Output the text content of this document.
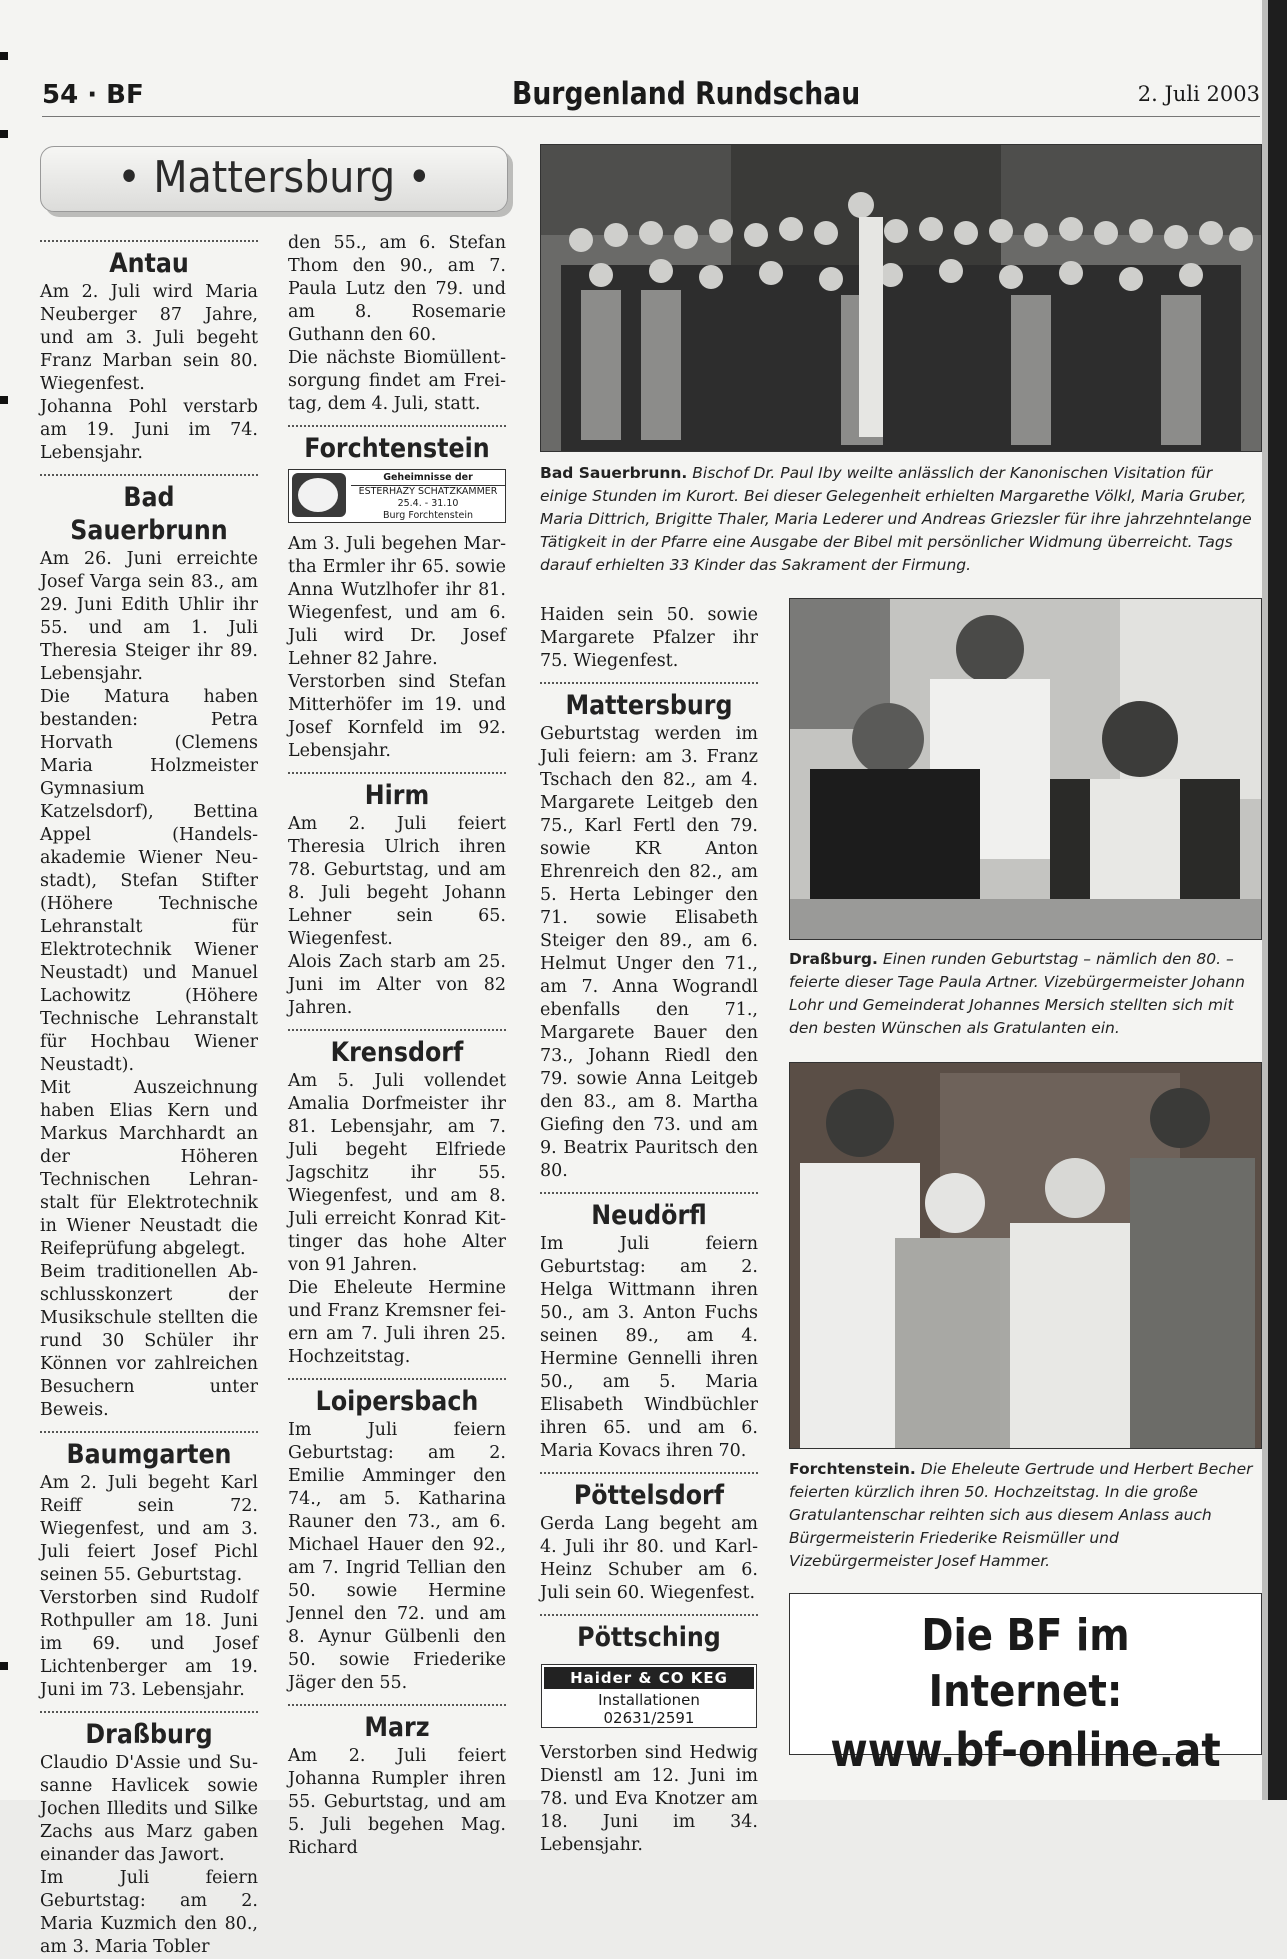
54 · BF	Burgenland Rundschau	2. Juli 2003
• Mattersburg •
Antau

Am 2. Juli wird Maria Neuberger 87 Jahre, und am 3. Juli begeht Franz Marban sein 80. Wiegenfest.

Johanna Pohl verstarb am 19. Juni im 74. Lebensjahr.

Bad Sauerbrunn

Am 26. Juni erreichte Josef Varga sein 83., am 29. Juni Edith Uhlir ihr 55. und am 1. Juli Theresia Steiger ihr 89. Lebensjahr.

Die Matura haben bestanden: Petra Horvath (Clemens Maria Holzmeister Gymnasium Katzelsdorf), Bettina Appel (Handelsakademie Wiener Neustadt), Stefan Stifter (Höhere Technische Lehranstalt für Elektrotechnik Wiener Neustadt) und Manuel Lachowitz (Höhere Technische Lehranstalt für Hochbau Wiener Neustadt).

Mit Auszeichnung haben Elias Kern und Markus Marchhardt an der Höheren Technischen Lehranstalt für Elektrotechnik in Wiener Neustadt die Reifeprüfung abgelegt.

Beim traditionellen Abschlusskonzert der Musikschule stellten die rund 30 Schüler ihr Können vor zahlreichen Besuchern unter Beweis.

Baumgarten

Am 2. Juli begeht Karl Reiff sein 72. Wiegenfest, und am 3. Juli feiert Josef Pichl seinen 55. Geburtstag.

Verstorben sind Rudolf Rothpuller am 18. Juni im 69. und Josef Lichtenberger am 19. Juni im 73. Lebensjahr.

Draßburg

Claudio D'Assie und Susanne Havlicek sowie Jochen Illedits und Silke Zachs aus Marz gaben einander das Jawort.

Im Juli feiern Geburtstag: am 2. Maria Kuzmich den 80., am 3. Maria Tobler

den 55., am 6. Stefan Thom den 90., am 7. Paula Lutz den 79. und am 8. Rosemarie Guthann den 60.

Die nächste Biomüllentsorgung findet am Freitag, dem 4. Juli, statt.

Forchtenstein
Geheimnisse der
ESTERHÁZY SCHATZKAMMER
25.4. - 31.10
Burg Forchtenstein

Am 3. Juli begehen Martha Ermler ihr 65. sowie Anna Wutzlhofer ihr 81. Wiegenfest, und am 6. Juli wird Dr. Josef Lehner 82 Jahre.

Verstorben sind Stefan Mitterhöfer im 19. und Josef Kornfeld im 92. Lebensjahr.

Hirm

Am 2. Juli feiert Theresia Ulrich ihren 78. Geburtstag, und am 8. Juli begeht Johann Lehner sein 65. Wiegenfest.

Alois Zach starb am 25. Juni im Alter von 82 Jahren.

Krensdorf

Am 5. Juli vollendet Amalia Dorfmeister ihr 81. Lebensjahr, am 7. Juli begeht Elfriede Jagschitz ihr 55. Wiegenfest, und am 8. Juli erreicht Konrad Kittinger das hohe Alter von 91 Jahren.

Die Eheleute Hermine und Franz Kremsner feiern am 7. Juli ihren 25. Hochzeitstag.

Loipersbach

Im Juli feiern Geburtstag: am 2. Emilie Amminger den 74., am 5. Katharina Rauner den 73., am 6. Michael Hauer den 92., am 7. Ingrid Tellian den 50. sowie Hermine Jennel den 72. und am 8. Aynur Gülbenli den 50. sowie Friederike Jäger den 55.

Marz

Am 2. Juli feiert Johanna Rumpler ihren 55. Geburtstag, und am 5. Juli begehen Mag. Richard

Bad Sauerbrunn. Bischof Dr. Paul Iby weilte anlässlich der Kanonischen Visitation für einige Stunden im Kurort. Bei dieser Gelegenheit erhielten Margarethe Völkl, Maria Gruber, Maria Dittrich, Brigitte Thaler, Maria Lederer und Andreas Griezsler für ihre jahrzehntelange Tätigkeit in der Pfarre eine Ausgabe der Bibel mit persönlicher Widmung überreicht. Tags darauf erhielten 33 Kinder das Sakrament der Firmung.

Haiden sein 50. sowie Margarete Pfalzer ihr 75. Wiegenfest.

Mattersburg

Geburtstag werden im Juli feiern: am 3. Franz Tschach den 82., am 4. Margarete Leitgeb den 75., Karl Fertl den 79. sowie KR Anton Ehrenreich den 82., am 5. Herta Lebinger den 71. sowie Elisabeth Steiger den 89., am 6. Helmut Unger den 71., am 7. Anna Wograndl ebenfalls den 71., Margarete Bauer den 73., Johann Riedl den 79. sowie Anna Leitgeb den 83., am 8. Martha Giefing den 73. und am 9. Beatrix Pauritsch den 80.

Neudörfl

Im Juli feiern Geburtstag: am 2. Helga Wittmann ihren 50., am 3. Anton Fuchs seinen 89., am 4. Hermine Gennelli ihren 50., am 5. Maria Elisabeth Windbüchler ihren 65. und am 6. Maria Kovacs ihren 70.

Pöttelsdorf

Gerda Lang begeht am 4. Juli ihr 80. und Karl-Heinz Schuber am 6. Juli sein 60. Wiegenfest.

Pöttsching
Haider & CO KEG
Installationen
02631/2591

Verstorben sind Hedwig Dienstl am 12. Juni im 78. und Eva Knotzer am 18. Juni im 34. Lebensjahr.

Draßburg. Einen runden Geburtstag – nämlich den 80. – feierte dieser Tage Paula Artner. Vizebürgermeister Johann Lohr und Gemeinderat Johannes Mersich stellten sich mit den besten Wünschen als Gratulanten ein.
Forchtenstein. Die Eheleute Gertrude und Herbert Becher feierten kürzlich ihren 50. Hochzeitstag. In die große Gratulantenschar reihten sich aus diesem Anlass auch Bürgermeisterin Friederike Reismüller und Vizebürgermeister Josef Hammer.
Die BF im Internet:
www.bf-online.at
